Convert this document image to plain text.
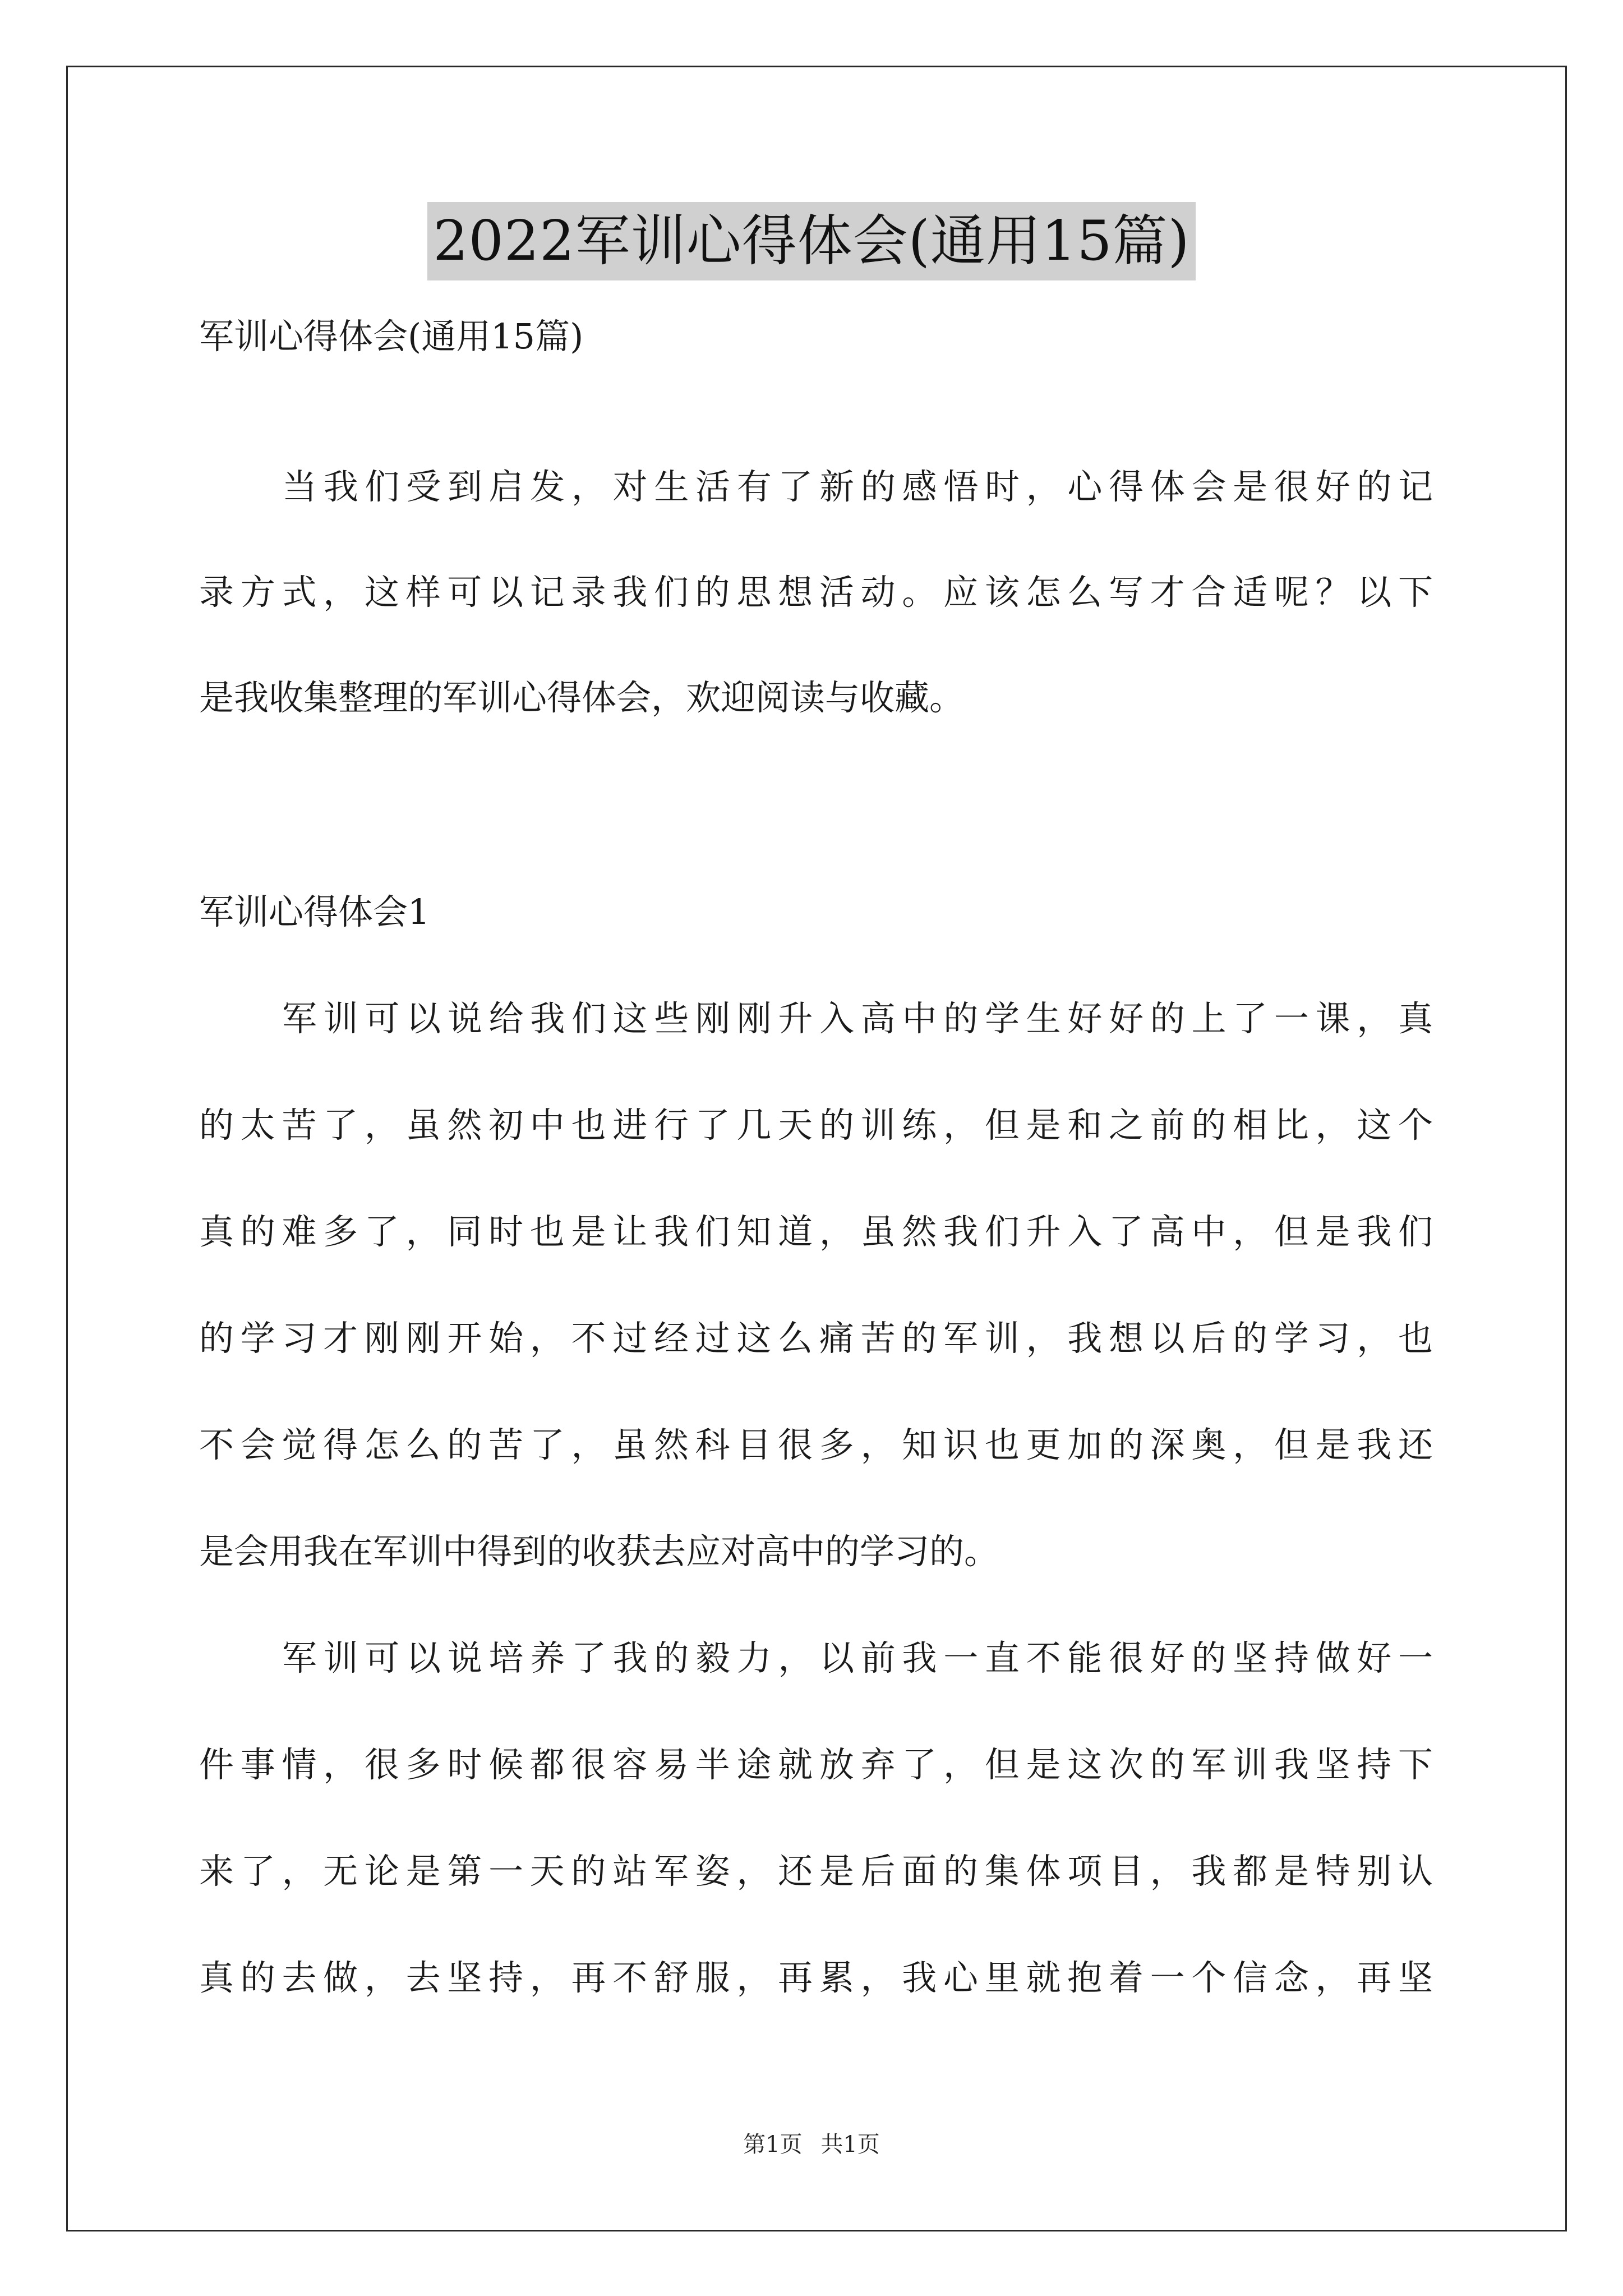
2022军训心得体会(通用15篇)
军训心得体会(通用15篇)
当我们受到启发，对生活有了新的感悟时，心得体会是很好的记
录方式，这样可以记录我们的思想活动。应该怎么写才合适呢？以下
是我收集整理的军训心得体会，欢迎阅读与收藏。
军训心得体会1
军训可以说给我们这些刚刚升入高中的学生好好的上了一课，真
的太苦了，虽然初中也进行了几天的训练，但是和之前的相比，这个
真的难多了，同时也是让我们知道，虽然我们升入了高中，但是我们
的学习才刚刚开始，不过经过这么痛苦的军训，我想以后的学习，也
不会觉得怎么的苦了，虽然科目很多，知识也更加的深奥，但是我还
是会用我在军训中得到的收获去应对高中的学习的。
军训可以说培养了我的毅力，以前我一直不能很好的坚持做好一
件事情，很多时候都很容易半途就放弃了，但是这次的军训我坚持下
来了，无论是第一天的站军姿，还是后面的集体项目，我都是特别认
真的去做，去坚持，再不舒服，再累，我心里就抱着一个信念，再坚
第1页 共1页
